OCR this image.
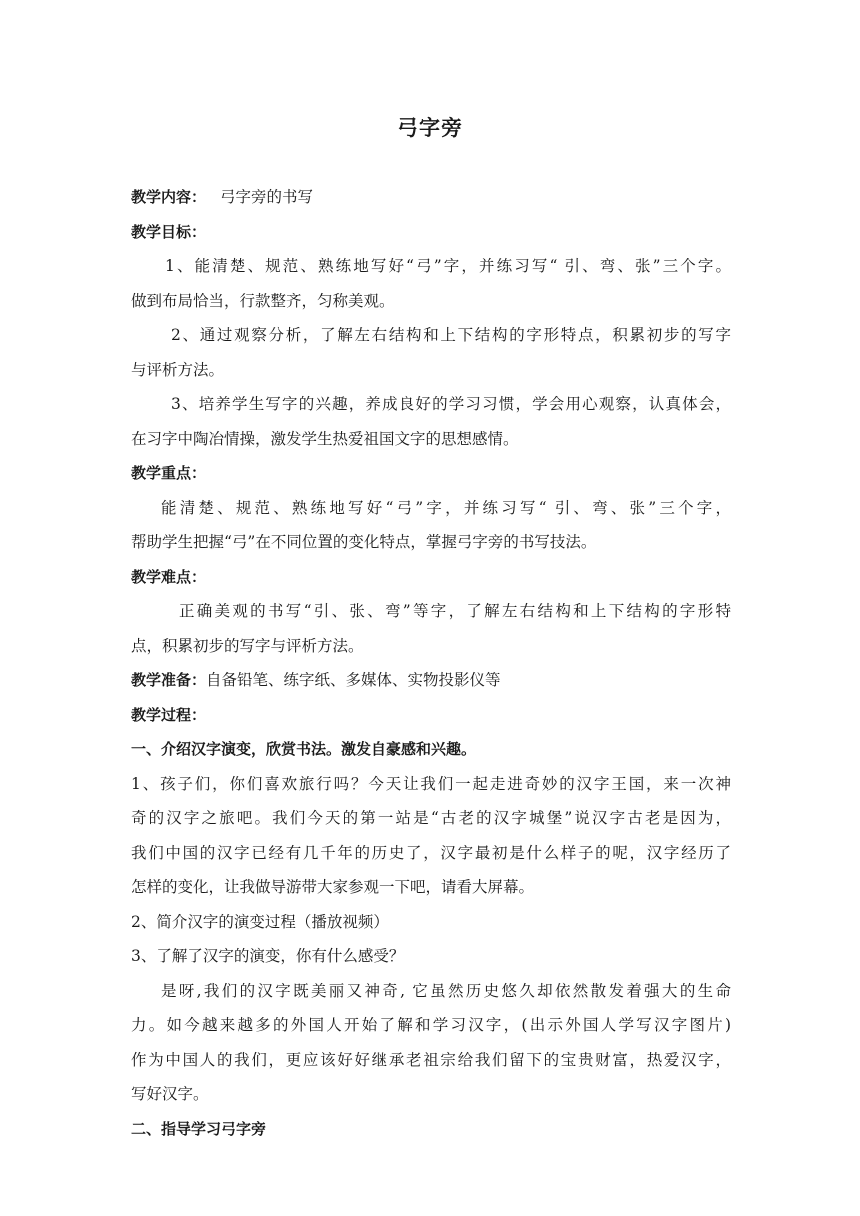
弓字旁
教学内容： 弓字旁的书写
教学目标：
1、能清楚、规范、熟练地写好“弓”字，并练习写“ 引、弯、张”三个字。
做到布局恰当，行款整齐，匀称美观。
2、通过观察分析，了解左右结构和上下结构的字形特点，积累初步的写字
与评析方法。
3、培养学生写字的兴趣，养成良好的学习习惯，学会用心观察，认真体会，
在习字中陶冶情操，激发学生热爱祖国文字的思想感情。
教学重点：
能清楚、规范、熟练地写好“弓”字，并练习写“ 引、弯、张”三个字，
帮助学生把握“弓”在不同位置的变化特点，掌握弓字旁的书写技法。
教学难点：
正确美观的书写“引、张、弯”等字，了解左右结构和上下结构的字形特
点，积累初步的写字与评析方法。
教学准备：自备铅笔、练字纸、多媒体、实物投影仪等
教学过程：
一、介绍汉字演变，欣赏书法。激发自豪感和兴趣。
1、孩子们，你们喜欢旅行吗？今天让我们一起走进奇妙的汉字王国，来一次神
奇的汉字之旅吧。我们今天的第一站是“古老的汉字城堡”说汉字古老是因为，
我们中国的汉字已经有几千年的历史了，汉字最初是什么样子的呢，汉字经历了
怎样的变化，让我做导游带大家参观一下吧，请看大屏幕。
2、简介汉字的演变过程（播放视频）
3、了解了汉字的演变，你有什么感受？
是呀,我们的汉字既美丽又神奇, 它虽然历史悠久却依然散发着强大的生命
力。如今越来越多的外国人开始了解和学习汉字，(出示外国人学写汉字图片)
作为中国人的我们，更应该好好继承老祖宗给我们留下的宝贵财富，热爱汉字，
写好汉字。
二、指导学习弓字旁
